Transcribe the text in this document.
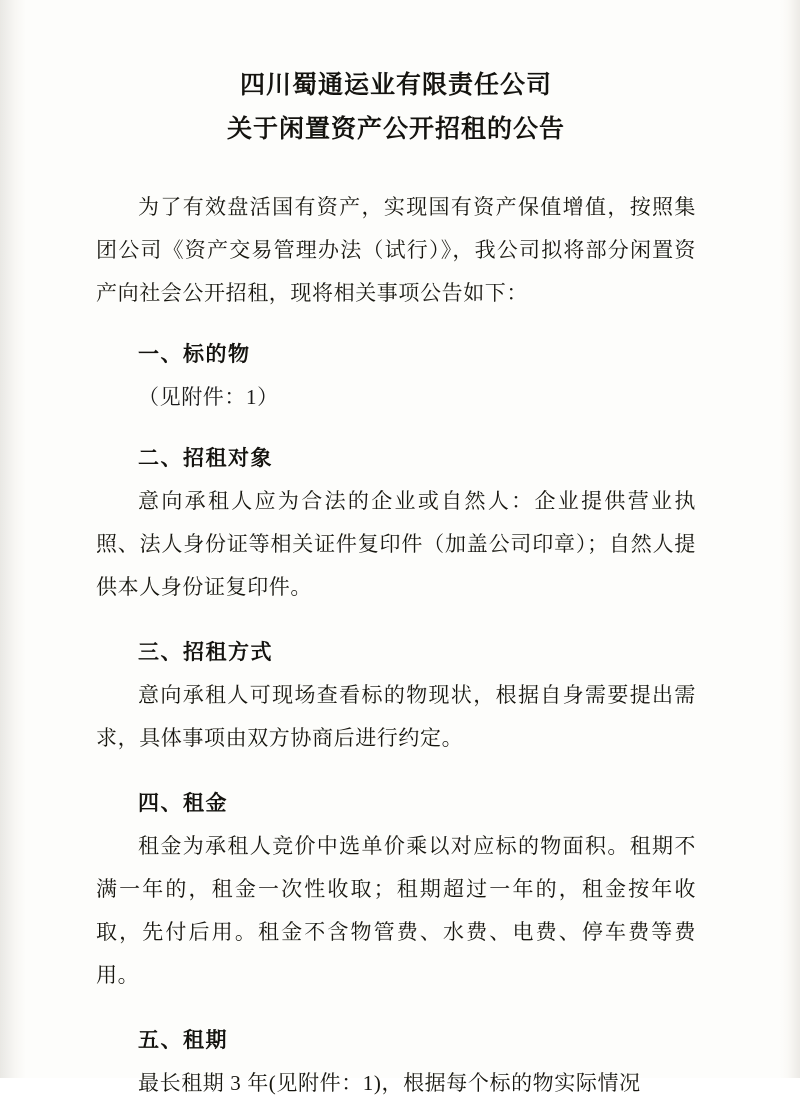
四川蜀通运业有限责任公司
关于闲置资产公开招租的公告

为了有效盘活国有资产，实现国有资产保值增值，按照集团公司《资产交易管理办法（试行）》，我公司拟将部分闲置资产向社会公开招租，现将相关事项公告如下：

一、标的物

（见附件：1）

二、招租对象

意向承租人应为合法的企业或自然人：企业提供营业执照、法人身份证等相关证件复印件（加盖公司印章）；自然人提供本人身份证复印件。

三、招租方式

意向承租人可现场查看标的物现状，根据自身需要提出需求，具体事项由双方协商后进行约定。

四、租金

租金为承租人竞价中选单价乘以对应标的物面积。租期不满一年的，租金一次性收取；租期超过一年的，租金按年收取，先付后用。租金不含物管费、水费、电费、停车费等费用。

五、租期

最长租期 3 年(见附件：1)，根据每个标的物实际情况
